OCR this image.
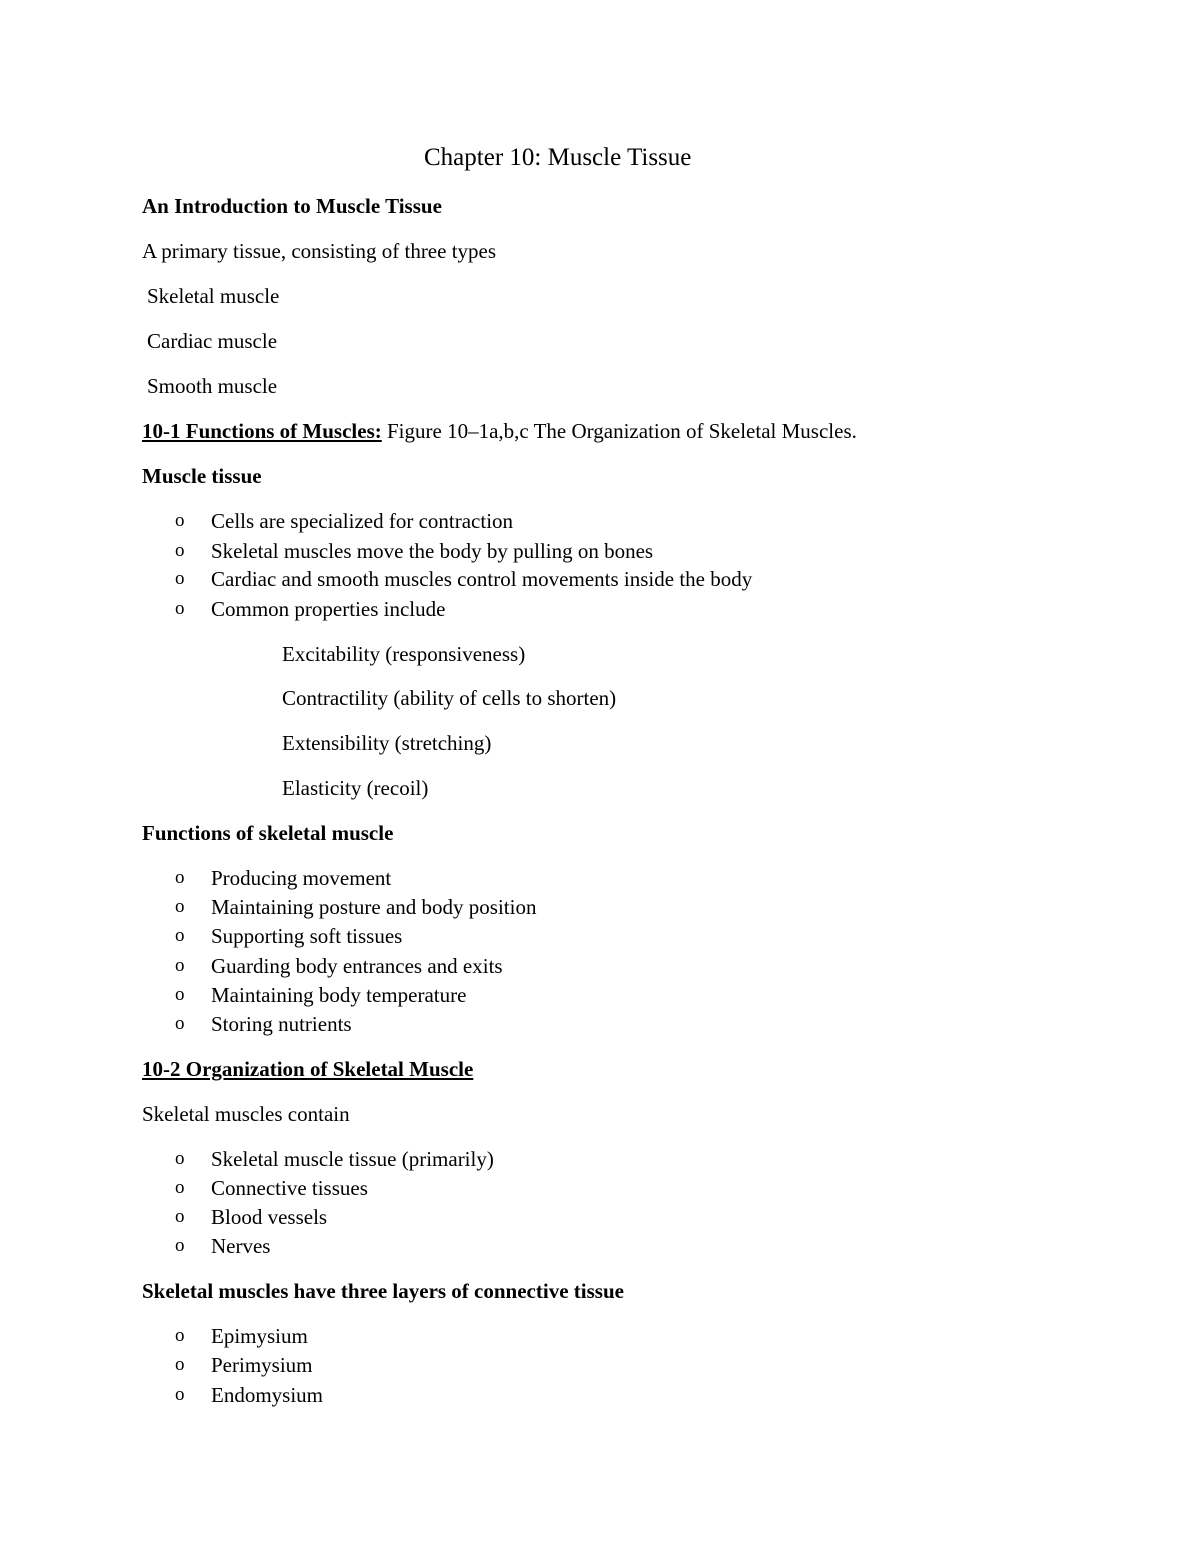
Chapter 10: Muscle Tissue
An Introduction to Muscle Tissue
A primary tissue, consisting of three types
Skeletal muscle
Cardiac muscle
Smooth muscle
10-1 Functions of Muscles: Figure 10–1a,b,c The Organization of Skeletal Muscles.
Muscle tissue
o Cells are specialized for contraction
o Skeletal muscles move the body by pulling on bones
o Cardiac and smooth muscles control movements inside the body
o Common properties include
Excitability (responsiveness)
Contractility (ability of cells to shorten)
Extensibility (stretching)
Elasticity (recoil)
Functions of skeletal muscle
o Producing movement
o Maintaining posture and body position
o Supporting soft tissues
o Guarding body entrances and exits
o Maintaining body temperature
o Storing nutrients
10-2 Organization of Skeletal Muscle
Skeletal muscles contain
o Skeletal muscle tissue (primarily)
o Connective tissues
o Blood vessels
o Nerves
Skeletal muscles have three layers of connective tissue
o Epimysium
o Perimysium
o Endomysium
